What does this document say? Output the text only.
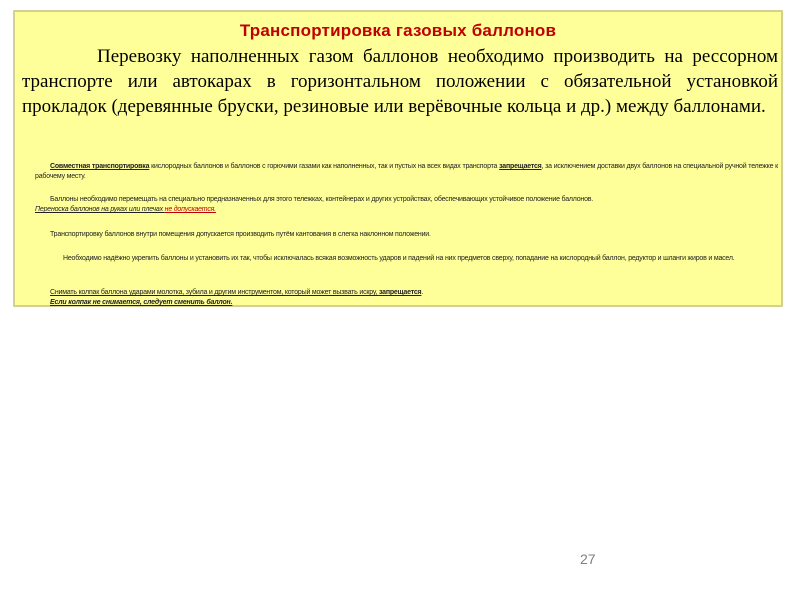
Транспортировка газовых баллонов
Перевозку наполненных газом баллонов необходимо производить на рессорном транспорте или автокарах в горизонтальном положении с обязательной установкой прокладок (деревянные бруски, резиновые или верёвочные кольца и др.) между баллонами.
Совместная транспортировка кислородных баллонов и баллонов с горючими газами как наполненных, так и пустых на всех видах транспорта запрещается, за исключением доставки двух баллонов на специальной ручной тележке к рабочему месту.
Баллоны необходимо перемещать на специально предназначенных для этого тележках, контейнерах и других устройствах, обеспечивающих устойчивое положение баллонов.
Переноска баллонов на руках или плечах не допускается.
Транспортировку баллонов внутри помещения допускается производить путём кантования в слегка наклонном положении.
Необходимо надёжно укрепить баллоны и установить их так, чтобы исключалась всякая возможность ударов и падений на них предметов сверху, попадание на кислородный баллон, редуктор и шланги жиров и масел.
Снимать колпак баллона ударами молотка, зубила и другим инструментом, который может вызвать искру, запрещается.
Если колпак не снимается, следует сменить баллон.
27
